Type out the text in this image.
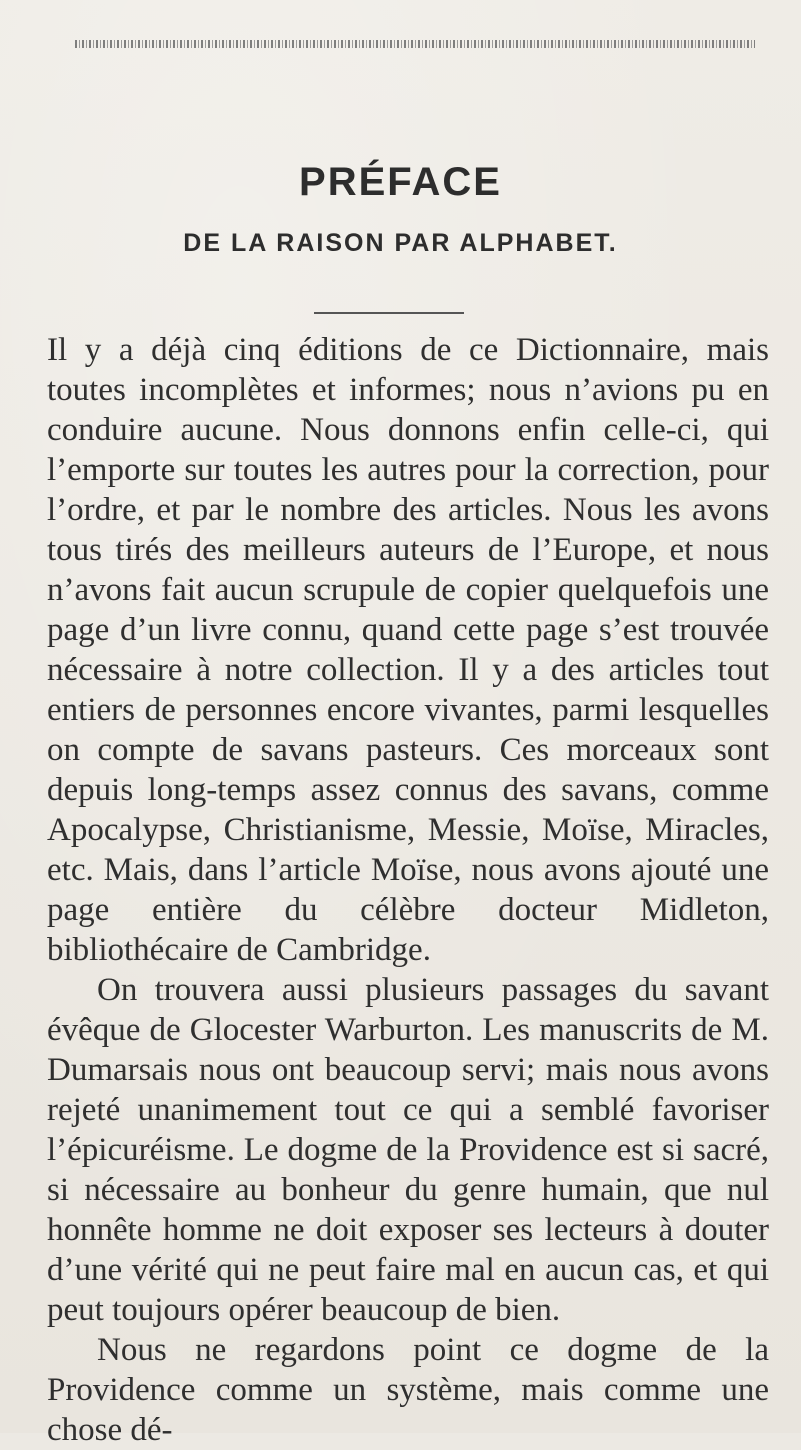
PRÉFACE
DE LA RAISON PAR ALPHABET.

Il y a déjà cinq éditions de ce Dictionnaire, mais toutes incomplètes et informes; nous n’avions pu en conduire aucune. Nous donnons enfin celle-ci, qui l’emporte sur toutes les autres pour la correction, pour l’ordre, et par le nombre des articles. Nous les avons tous tirés des meilleurs auteurs de l’Europe, et nous n’avons fait aucun scrupule de copier quelquefois une page d’un livre connu, quand cette page s’est trouvée nécessaire à notre collection. Il y a des articles tout entiers de personnes encore vivantes, parmi lesquelles on compte de savans pasteurs. Ces morceaux sont depuis long-temps assez connus des savans, comme Apocalypse, Christianisme, Messie, Moïse, Miracles, etc. Mais, dans l’article Moïse, nous avons ajouté une page entière du célèbre docteur Midleton, bibliothécaire de Cambridge.

On trouvera aussi plusieurs passages du savant évêque de Glocester Warburton. Les manuscrits de M. Dumarsais nous ont beaucoup servi; mais nous avons rejeté unanimement tout ce qui a semblé favoriser l’épicuréisme. Le dogme de la Providence est si sacré, si nécessaire au bonheur du genre humain, que nul honnête homme ne doit exposer ses lecteurs à douter d’une vérité qui ne peut faire mal en aucun cas, et qui peut toujours opérer beaucoup de bien.

Nous ne regardons point ce dogme de la Providence comme un système, mais comme une chose dé-
